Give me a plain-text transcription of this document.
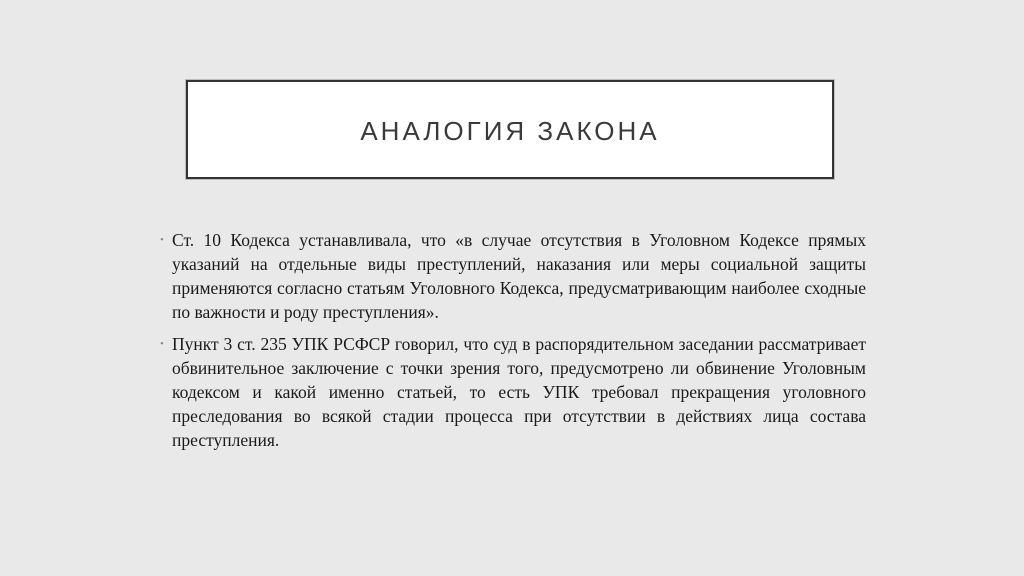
АНАЛОГИЯ ЗАКОНА
• Ст. 10 Кодекса устанавливала, что «в случае отсутствия в Уголовном Кодексе прямых указаний на отдельные виды преступлений, наказания или меры социальной защиты применяются согласно статьям Уголовного Кодекса, предусматривающим наиболее сходные по важности и роду преступления».
• Пункт 3 ст. 235 УПК РСФСР говорил, что суд в распорядительном заседании рассматривает обвинительное заключение с точки зрения того, предусмотрено ли обвинение Уголовным кодексом и какой именно статьей, то есть УПК требовал прекращения уголовного преследования во всякой стадии процесса при отсутствии в действиях лица состава преступления.
